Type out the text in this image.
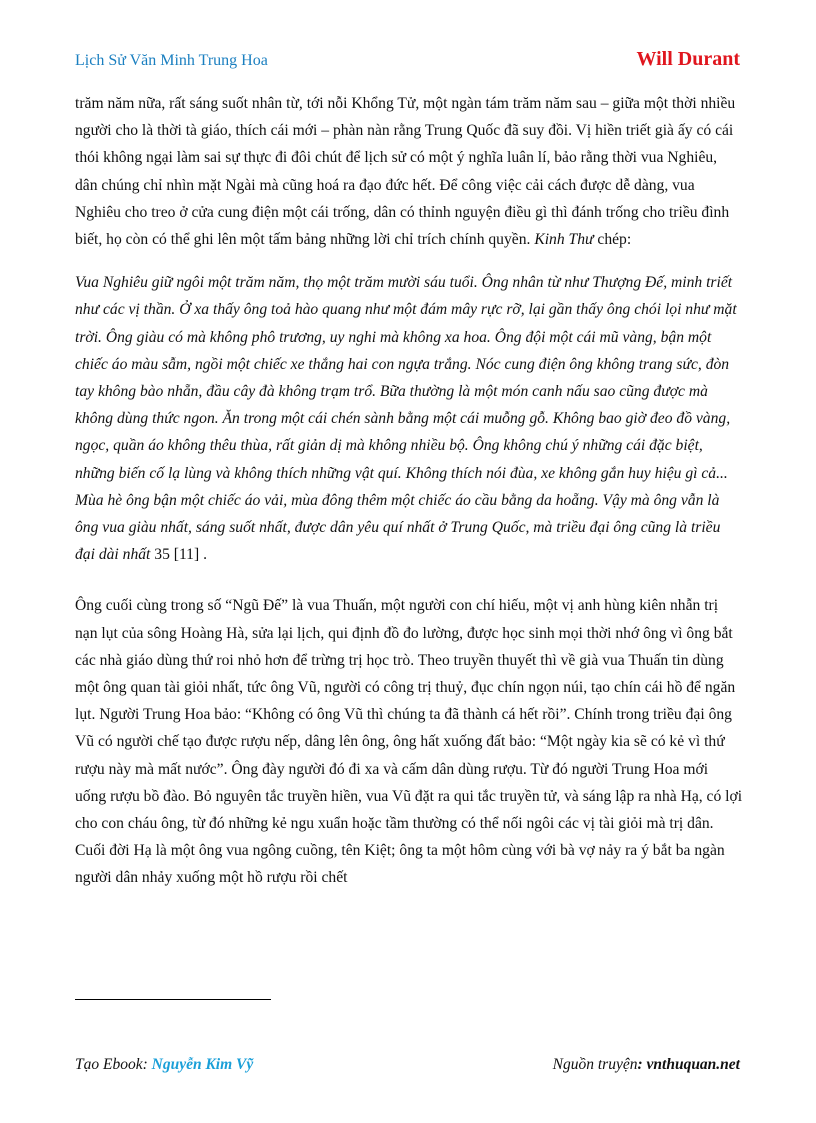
Lịch Sử Văn Minh Trung Hoa	Will Durant

trăm năm nữa, rất sáng suốt nhân từ, tới nỗi Khổng Tử, một ngàn tám trăm năm sau – giữa một thời nhiều người cho là thời tà giáo, thích cái mới – phàn nàn rằng Trung Quốc đã suy đồi. Vị hiền triết già ấy có cái thói không ngại làm sai sự thực đi đôi chút để lịch sử có một ý nghĩa luân lí, bảo rằng thời vua Nghiêu, dân chúng chỉ nhìn mặt Ngài mà cũng hoá ra đạo đức hết. Để công việc cải cách được dễ dàng, vua Nghiêu cho treo ở cửa cung điện một cái trống, dân có thỉnh nguyện điều gì thì đánh trống cho triều đình biết, họ còn có thể ghi lên một tấm bảng những lời chỉ trích chính quyền. Kinh Thư chép:

Vua Nghiêu giữ ngôi một trăm năm, thọ một trăm mười sáu tuổi. Ông nhân từ như Thượng Đế, minh triết như các vị thần. Ở xa thấy ông toả hào quang như một đám mây rực rỡ, lại gần thấy ông chói lọi như mặt trời. Ông giàu có mà không phô trương, uy nghi mà không xa hoa. Ông đội một cái mũ vàng, bận một chiếc áo màu sẫm, ngồi một chiếc xe thắng hai con ngựa trắng. Nóc cung điện ông không trang sức, đòn tay không bào nhẵn, đầu cây đà không trạm trổ. Bữa thường là một món canh nấu sao cũng được mà không dùng thức ngon. Ăn trong một cái chén sành bằng một cái muỗng gỗ. Không bao giờ đeo đồ vàng, ngọc, quần áo không thêu thùa, rất giản dị mà không nhiều bộ. Ông không chú ý những cái đặc biệt, những biến cố lạ lùng và không thích những vật quí. Không thích nói đùa, xe không gắn huy hiệu gì cả... Mùa hè ông bận một chiếc áo vải, mùa đông thêm một chiếc áo cầu bằng da hoẵng. Vậy mà ông vẫn là ông vua giàu nhất, sáng suốt nhất, được dân yêu quí nhất ở Trung Quốc, mà triều đại ông cũng là triều đại dài nhất 35 [11] .

Ông cuối cùng trong số “Ngũ Đế” là vua Thuấn, một người con chí hiếu, một vị anh hùng kiên nhẫn trị nạn lụt của sông Hoàng Hà, sửa lại lịch, qui định đồ đo lường, được học sinh mọi thời nhớ ông vì ông bắt các nhà giáo dùng thứ roi nhỏ hơn để trừng trị học trò. Theo truyền thuyết thì về già vua Thuấn tin dùng một ông quan tài giỏi nhất, tức ông Vũ, người có công trị thuỷ, đục chín ngọn núi, tạo chín cái hồ để ngăn lụt. Người Trung Hoa bảo: “Không có ông Vũ thì chúng ta đã thành cá hết rồi”. Chính trong triều đại ông Vũ có người chế tạo được rượu nếp, dâng lên ông, ông hất xuống đất bảo: “Một ngày kia sẽ có kẻ vì thứ rượu này mà mất nước”. Ông đày người đó đi xa và cấm dân dùng rượu. Từ đó người Trung Hoa mới uống rượu bồ đào. Bỏ nguyên tắc truyền hiền, vua Vũ đặt ra qui tắc truyền tử, và sáng lập ra nhà Hạ, có lợi cho con cháu ông, từ đó những kẻ ngu xuẩn hoặc tầm thường có thể nối ngôi các vị tài giỏi mà trị dân. Cuối đời Hạ là một ông vua ngông cuồng, tên Kiệt; ông ta một hôm cùng với bà vợ nảy ra ý bắt ba ngàn người dân nhảy xuống một hồ rượu rồi chết

Tạo Ebook: Nguyễn Kim Vỹ	Nguồn truyện: vnthuquan.net
